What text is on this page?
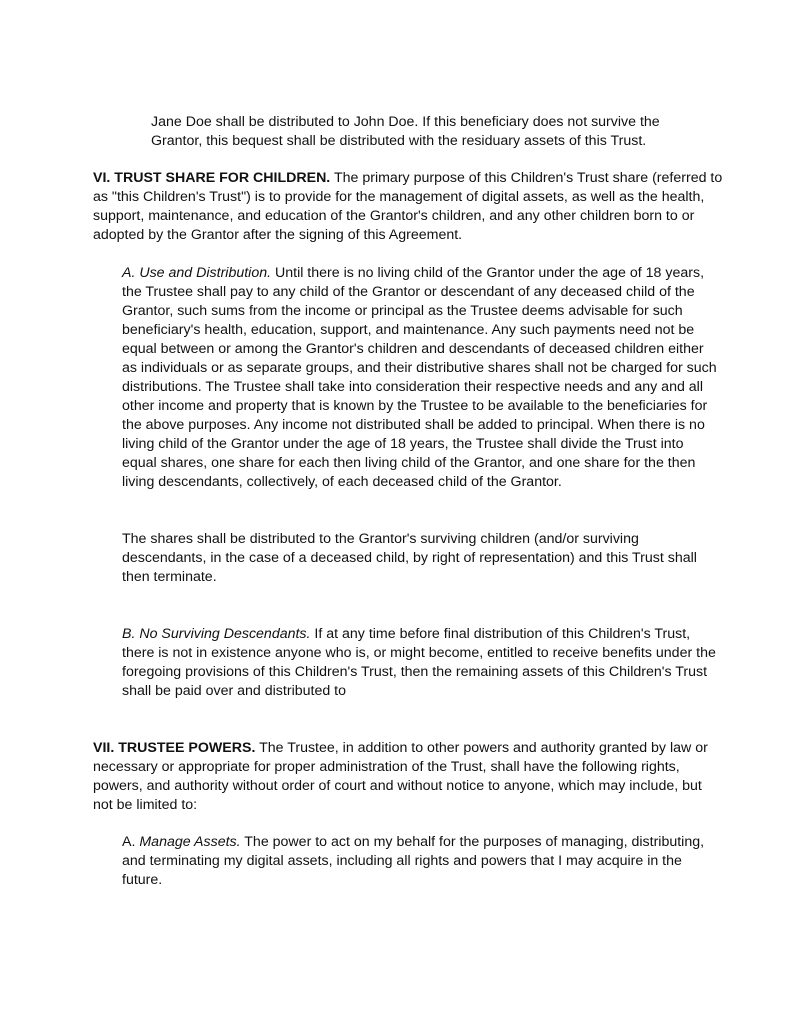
Jane Doe shall be distributed to John Doe. If this beneficiary does not survive the Grantor, this bequest shall be distributed with the residuary assets of this Trust.

VI. TRUST SHARE FOR CHILDREN. The primary purpose of this Children's Trust share (referred to as "this Children's Trust") is to provide for the management of digital assets, as well as the health, support, maintenance, and education of the Grantor's children, and any other children born to or adopted by the Grantor after the signing of this Agreement.

A. Use and Distribution. Until there is no living child of the Grantor under the age of 18 years, the Trustee shall pay to any child of the Grantor or descendant of any deceased child of the Grantor, such sums from the income or principal as the Trustee deems advisable for such beneficiary's health, education, support, and maintenance. Any such payments need not be equal between or among the Grantor's children and descendants of deceased children either as individuals or as separate groups, and their distributive shares shall not be charged for such distributions. The Trustee shall take into consideration their respective needs and any and all other income and property that is known by the Trustee to be available to the beneficiaries for the above purposes. Any income not distributed shall be added to principal. When there is no living child of the Grantor under the age of 18 years, the Trustee shall divide the Trust into equal shares, one share for each then living child of the Grantor, and one share for the then living descendants, collectively, of each deceased child of the Grantor.

The shares shall be distributed to the Grantor's surviving children (and/or surviving descendants, in the case of a deceased child, by right of representation) and this Trust shall then terminate.

B. No Surviving Descendants. If at any time before final distribution of this Children's Trust, there is not in existence anyone who is, or might become, entitled to receive benefits under the foregoing provisions of this Children's Trust, then the remaining assets of this Children's Trust shall be paid over and distributed to

VII. TRUSTEE POWERS. The Trustee, in addition to other powers and authority granted by law or necessary or appropriate for proper administration of the Trust, shall have the following rights, powers, and authority without order of court and without notice to anyone, which may include, but not be limited to:

A. Manage Assets. The power to act on my behalf for the purposes of managing, distributing, and terminating my digital assets, including all rights and powers that I may acquire in the future.
